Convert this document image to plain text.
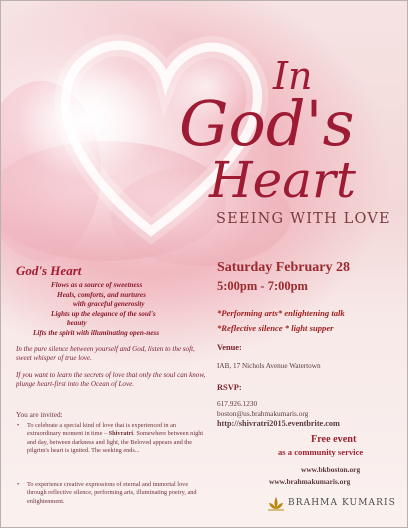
In
God's
Heart
SEEING WITH LOVE
God's Heart
Flows as a source of sweetness
Heals, comforts, and nurtures
with graceful generosity
Lights up the elegance of the soul's
beauty
Lifts the spirit with illuminating open-ness
In the pure silence between yourself and God, listen to the soft, sweet whisper of true love.
If you want to learn the secrets of love that only the soul can know, plunge heart-first into the Ocean of Love.
You are invited:
•	To celebrate a special kind of love that is experienced in an extraordinary moment in time – Shivratri. Somewhere between night and day, between darkness and light, the Beloved appears and the pilgrim's heart is ignited. The seeking ends...
•	To experience creative expressions of eternal and immortal love through reflective silence, performing arts, illuminating poetry, and enlightenment.
Saturday February 28
5:00pm - 7:00pm
*Performing arts* enlightening talk
*Reflective silence * light supper
Venue:
IAB, 17 Nichols Avenue Watertown
RSVP:
617.926.1230
boston@us.brahmakumaris.org
http://shivratri2015.eventbrite.com
Free event
as a community service
www.bkboston.org
www.brahmakumaris.org
BRAHMA KUMARIS
